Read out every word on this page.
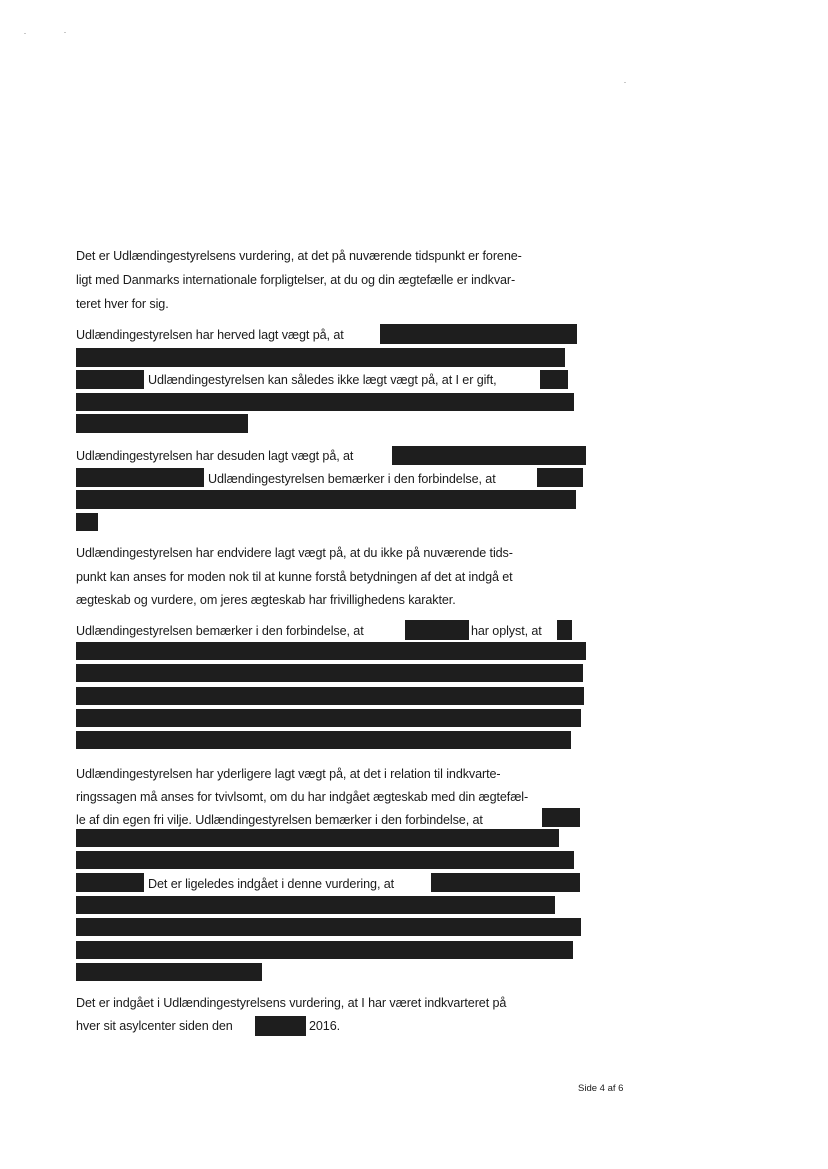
Det er Udlændingestyrelsens vurdering, at det på nuværende tidspunkt er forene-
ligt med Danmarks internationale forpligtelser, at du og din ægtefælle er indkvar-
teret hver for sig.
Udlændingestyrelsen har herved lagt vægt på, at
Udlændingestyrelsen kan således ikke lægt vægt på, at I er gift,
Udlændingestyrelsen har desuden lagt vægt på, at
Udlændingestyrelsen bemærker i den forbindelse, at
Udlændingestyrelsen har endvidere lagt vægt på, at du ikke på nuværende tids-
punkt kan anses for moden nok til at kunne forstå betydningen af det at indgå et
ægteskab og vurdere, om jeres ægteskab har frivillighedens karakter.
Udlændingestyrelsen bemærker i den forbindelse, at	har oplyst, at
Udlændingestyrelsen har yderligere lagt vægt på, at det i relation til indkvarte-
ringssagen må anses for tvivlsomt, om du har indgået ægteskab med din ægtefæl-
le af din egen fri vilje. Udlændingestyrelsen bemærker i den forbindelse, at
Det er ligeledes indgået i denne vurdering, at
Det er indgået i Udlændingestyrelsens vurdering, at I har været indkvarteret på
hver sit asylcenter siden den	2016.
Side 4 af 6
